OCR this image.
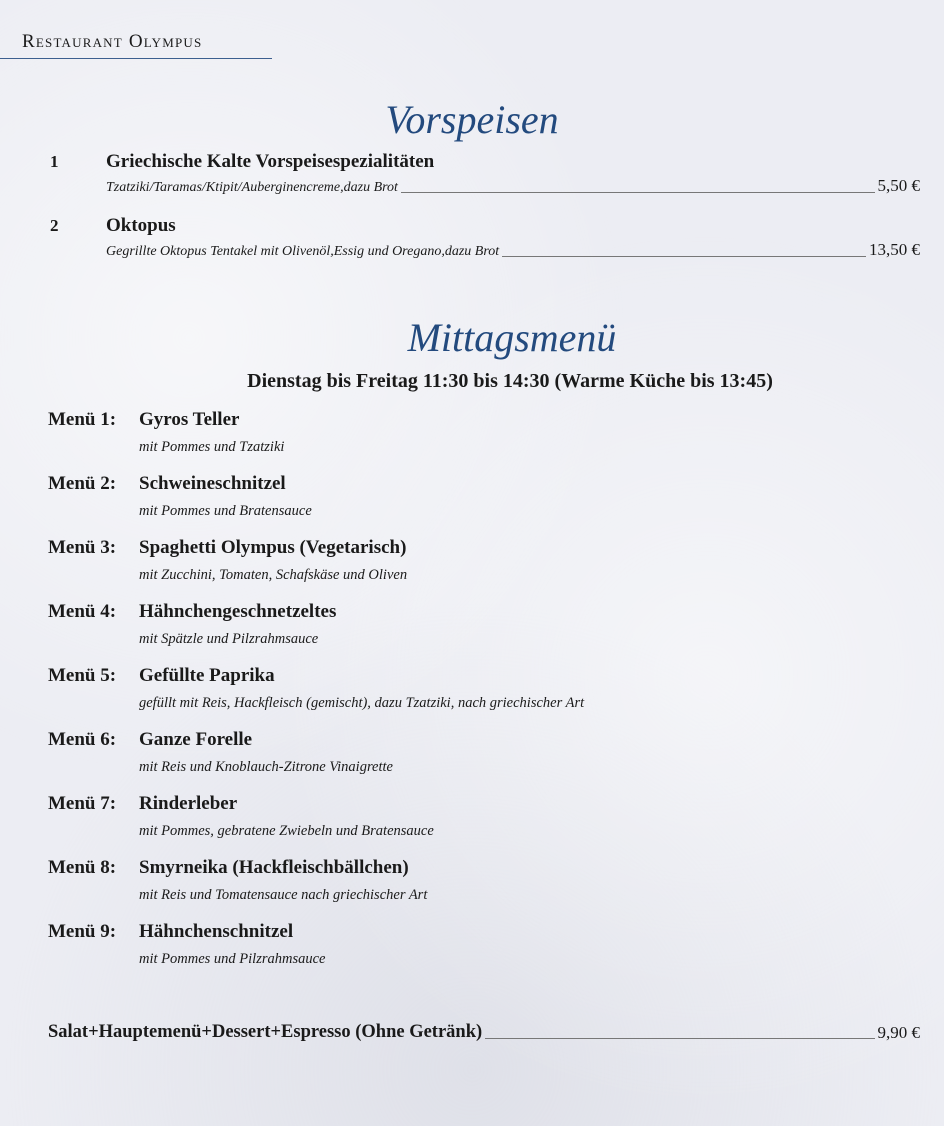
Restaurant Olympus
Vorspeisen
1	Griechische Kalte Vorspeisespezialitäten
Tzatziki/Taramas/Ktipit/Auberginencreme,dazu Brot	5,50 €
2	Oktopus
Gegrillte Oktopus Tentakel mit Olivenöl,Essig und Oregano,dazu Brot	13,50 €
Mittagsmenü
Dienstag bis Freitag 11:30 bis 14:30 (Warme Küche bis 13:45)
Menü 1: Gyros Teller
mit Pommes und Tzatziki
Menü 2: Schweineschnitzel
mit Pommes und Bratensauce
Menü 3: Spaghetti Olympus (Vegetarisch)
mit Zucchini, Tomaten, Schafskäse und Oliven
Menü 4: Hähnchengeschnetzeltes
mit Spätzle und Pilzrahmsauce
Menü 5: Gefüllte Paprika
gefüllt mit Reis, Hackfleisch (gemischt), dazu Tzatziki, nach griechischer Art
Menü 6: Ganze Forelle
mit Reis und Knoblauch-Zitrone Vinaigrette
Menü 7: Rinderleber
mit Pommes, gebratene Zwiebeln und Bratensauce
Menü 8: Smyrneika (Hackfleischbällchen)
mit Reis und Tomatensauce nach griechischer Art
Menü 9: Hähnchenschnitzel
mit Pommes und Pilzrahmsauce
Salat+Hauptemenü+Dessert+Espresso (Ohne Getränk)	9,90 €
